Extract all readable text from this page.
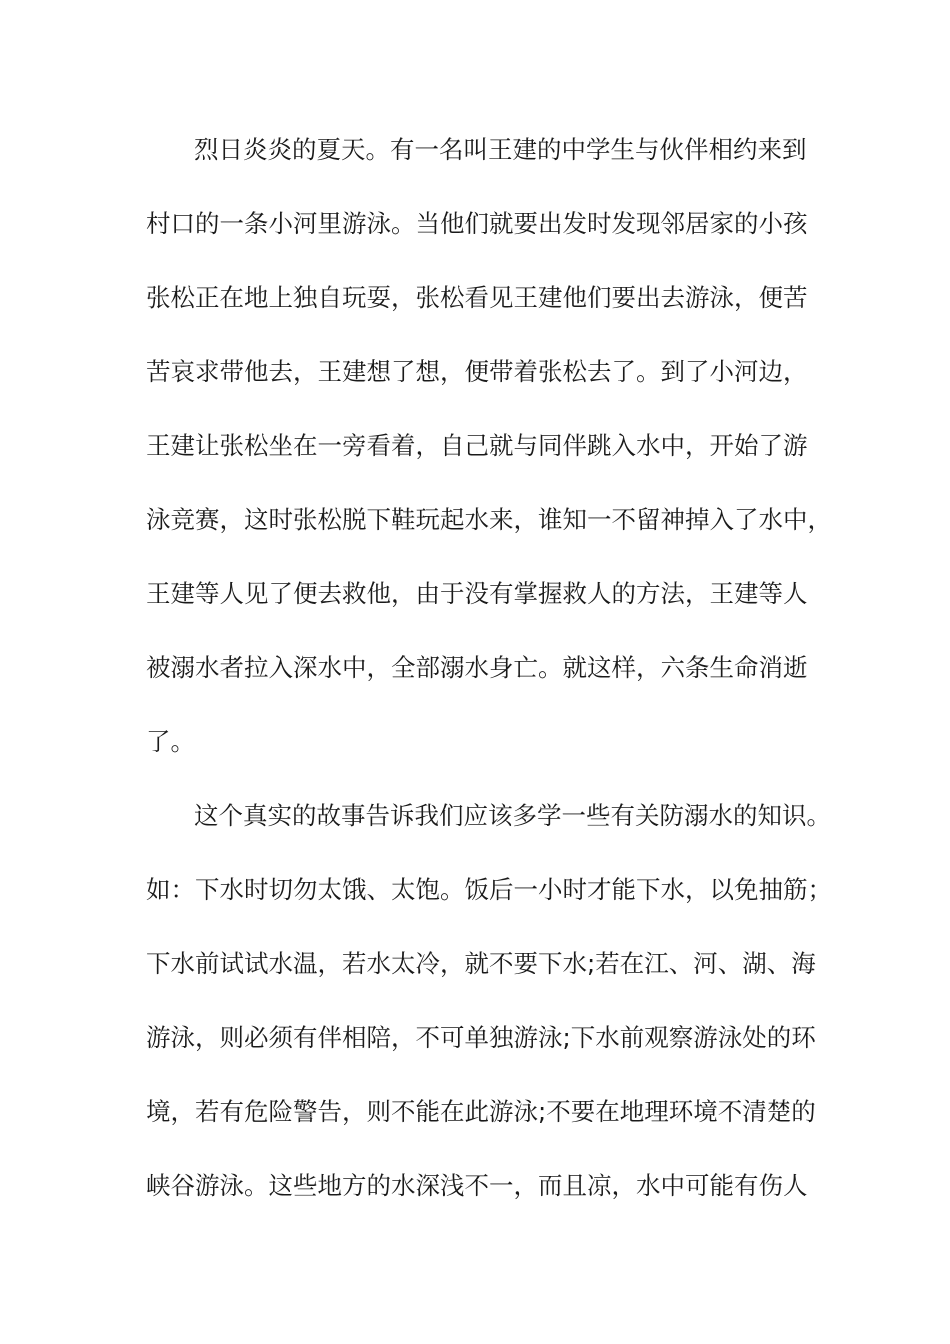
烈日炎炎的夏天。有一名叫王建的中学生与伙伴相约来到
村口的一条小河里游泳。当他们就要出发时发现邻居家的小孩
张松正在地上独自玩耍，张松看见王建他们要出去游泳，便苦
苦哀求带他去，王建想了想，便带着张松去了。到了小河边，
王建让张松坐在一旁看着，自己就与同伴跳入水中，开始了游
泳竞赛，这时张松脱下鞋玩起水来，谁知一不留神掉入了水中，
王建等人见了便去救他，由于没有掌握救人的方法，王建等人
被溺水者拉入深水中，全部溺水身亡。就这样，六条生命消逝
了。
这个真实的故事告诉我们应该多学一些有关防溺水的知识。
如：下水时切勿太饿、太饱。饭后一小时才能下水，以免抽筋；
下水前试试水温，若水太冷，就不要下水;若在江、河、湖、海
游泳，则必须有伴相陪，不可单独游泳;下水前观察游泳处的环
境，若有危险警告，则不能在此游泳;不要在地理环境不清楚的
峡谷游泳。这些地方的水深浅不一，而且凉，水中可能有伤人
